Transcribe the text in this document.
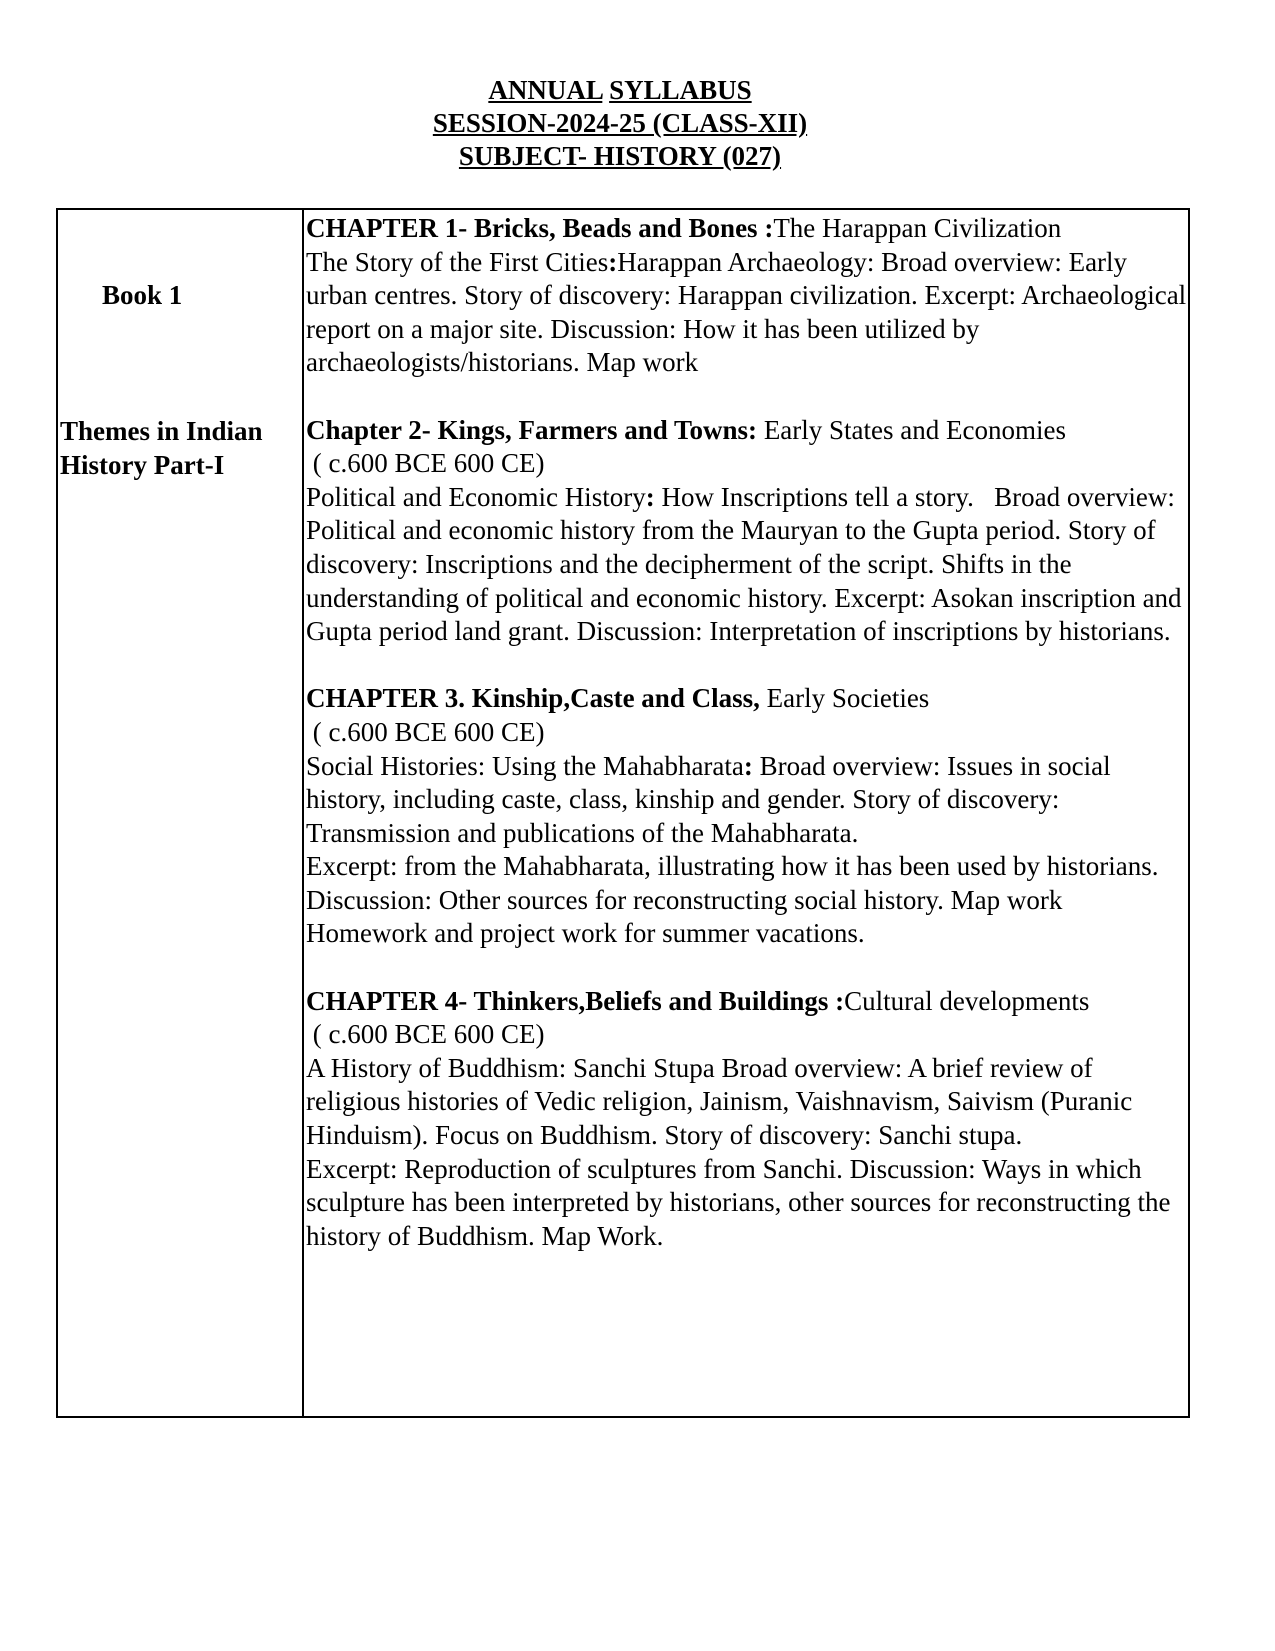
ANNUAL SYLLABUS
SESSION-2024-25 (CLASS-XII)
SUBJECT- HISTORY (027)
Book 1
Themes in Indian History Part-I

CHAPTER 1- Bricks, Beads and Bones :The Harappan Civilization

The Story of the First Cities:Harappan Archaeology: Broad overview: Early urban centres. Story of discovery: Harappan civilization. Excerpt: Archaeological report on a major site. Discussion: How it has been utilized by archaeologists/historians. Map work

Chapter 2- Kings, Farmers and Towns: Early States and Economies

( c.600 BCE 600 CE)

Political and Economic History: How Inscriptions tell a story.   Broad overview: Political and economic history from the Mauryan to the Gupta period. Story of discovery: Inscriptions and the decipherment of the script. Shifts in the understanding of political and economic history. Excerpt: Asokan inscription and Gupta period land grant. Discussion: Interpretation of inscriptions by historians.

CHAPTER 3. Kinship,Caste and Class, Early Societies

( c.600 BCE 600 CE)

Social Histories: Using the Mahabharata: Broad overview: Issues in social history, including caste, class, kinship and gender. Story of discovery: Transmission and publications of the Mahabharata.

Excerpt: from the Mahabharata, illustrating how it has been used by historians. Discussion: Other sources for reconstructing social history. Map work Homework and project work for summer vacations.

CHAPTER 4- Thinkers,Beliefs and Buildings :Cultural developments

( c.600 BCE 600 CE)

A History of Buddhism: Sanchi Stupa Broad overview: A brief review of religious histories of Vedic religion, Jainism, Vaishnavism, Saivism (Puranic Hinduism). Focus on Buddhism. Story of discovery: Sanchi stupa.

Excerpt: Reproduction of sculptures from Sanchi. Discussion: Ways in which sculpture has been interpreted by historians, other sources for reconstructing the history of Buddhism. Map Work.
